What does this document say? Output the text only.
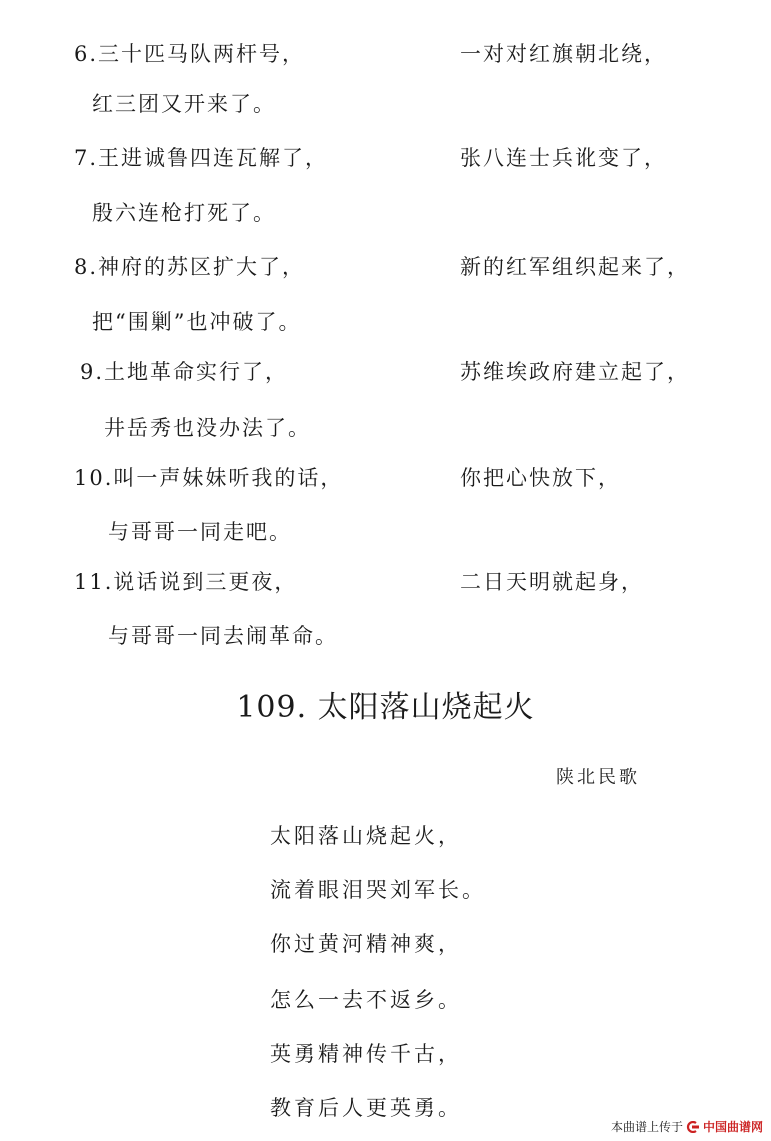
6.三十匹马队两杆号，	一对对红旗朝北绕，
红三团又开来了。
7.王进诚鲁四连瓦解了，	张八连士兵讹变了，
殷六连枪打死了。
8.神府的苏区扩大了，	新的红军组织起来了，
把“围剿”也冲破了。
9.土地革命实行了，	苏维埃政府建立起了，
井岳秀也没办法了。
10.叫一声妹妹听我的话，	你把心快放下，
与哥哥一同走吧。
11.说话说到三更夜，	二日天明就起身，
与哥哥一同去闹革命。
109. 太阳落山烧起火
陕北民歌
太阳落山烧起火，
流着眼泪哭刘军长。
你过黄河精神爽，
怎么一去不返乡。
英勇精神传千古，
教育后人更英勇。
本曲谱上传于 中国曲谱网
